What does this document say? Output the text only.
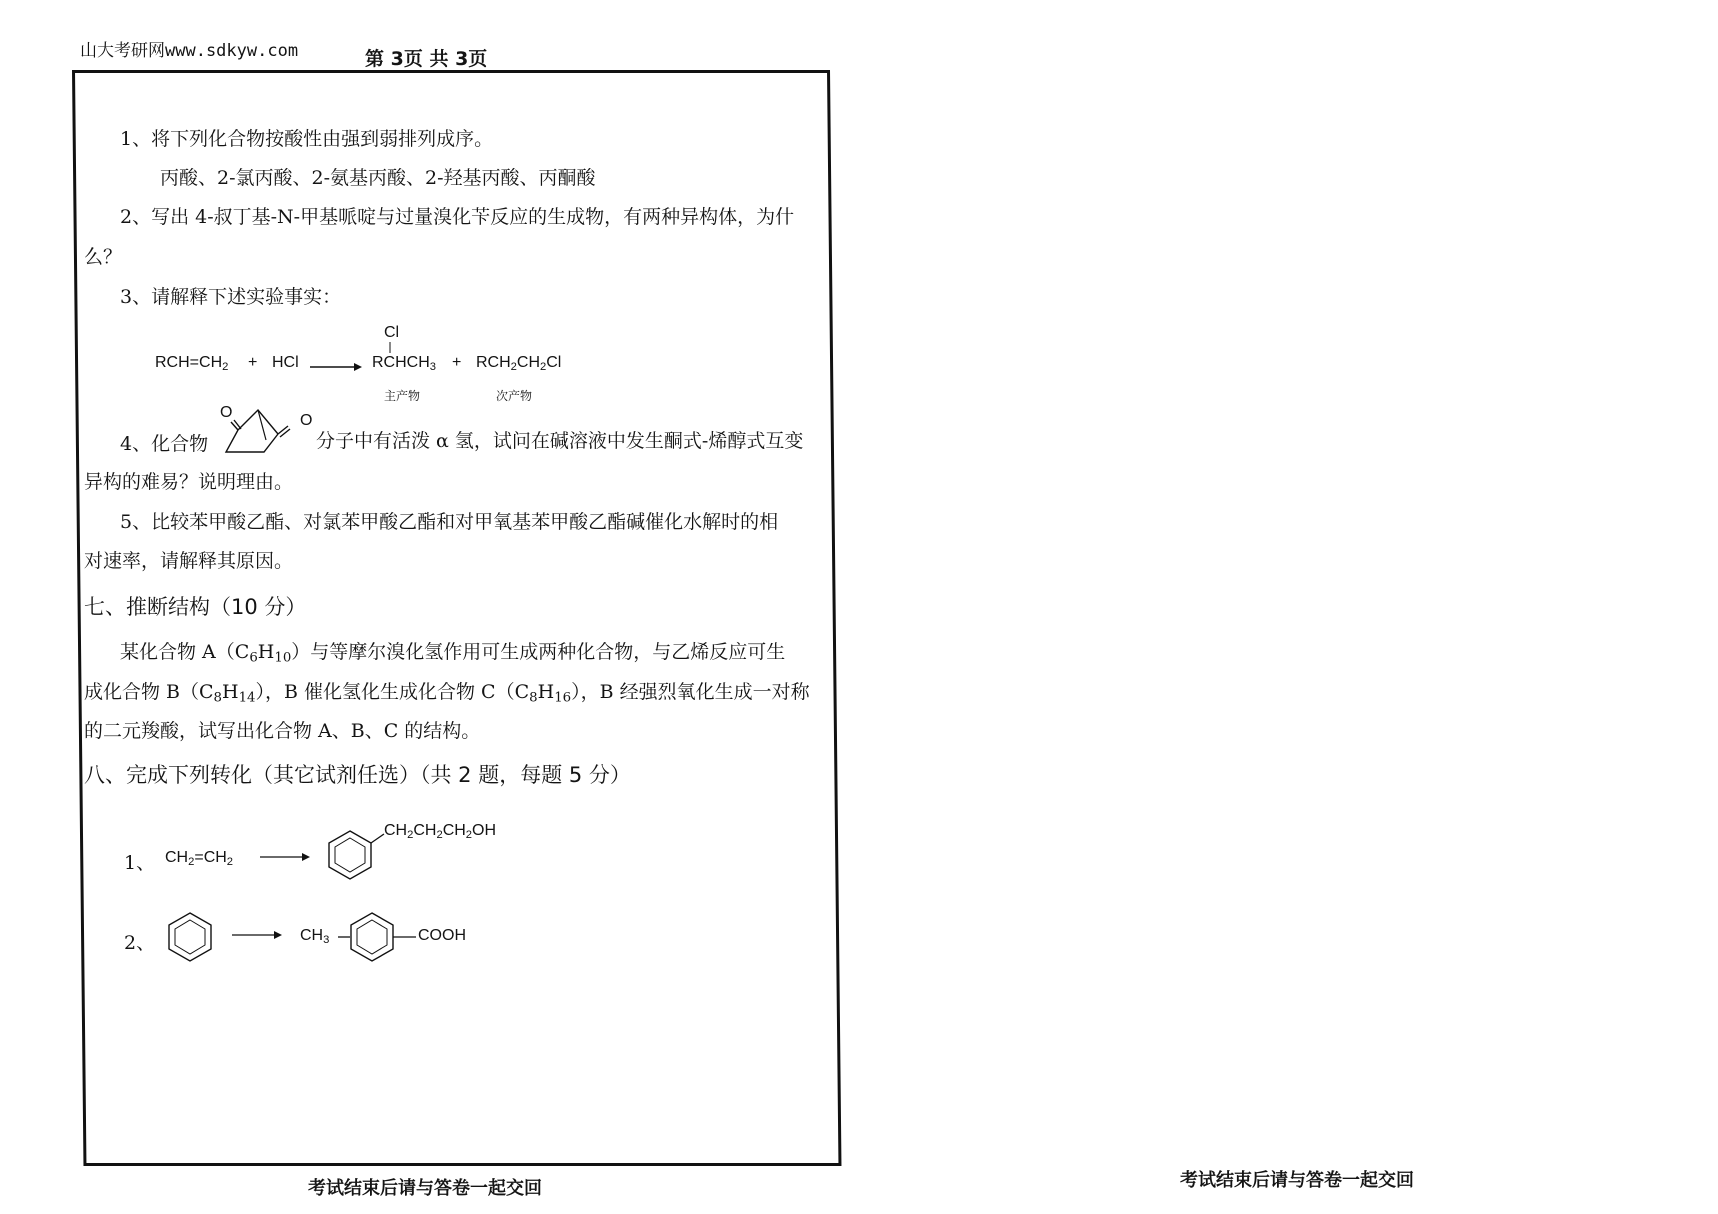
山大考研网www.sdkyw.com	第 3页 共 3页
1、将下列化合物按酸性由强到弱排列成序。
丙酸、2-氯丙酸、2-氨基丙酸、2-羟基丙酸、丙酮酸
2、写出 4-叔丁基-N-甲基哌啶与过量溴化苄反应的生成物，有两种异构体，为什
么？
3、请解释下述实验事实：
$RCH=CH_2$ + HCl →
Cl
$RCHCH_3 + RCH_2CH_2Cl$
主产物	次产物
4、化合物
O	O
分子中有活泼 α 氢，试问在碱溶液中发生酮式-烯醇式互变
异构的难易？说明理由。
5、比较苯甲酸乙酯、对氯苯甲酸乙酯和对甲氧基苯甲酸乙酯碱催化水解时的相
对速率，请解释其原因。
七、推断结构（10 分）
某化合物 $A(C_6H_{10})$与等摩尔溴化氢作用可生成两种化合物，与乙烯反应可生
成化合物 $B(C_8H_{14})$，B 催化氢化生成化合物 $C(C_8H_{16})$，B 经强烈氧化生成一对称
的二元羧酸，试写出化合物 A、B、C 的结构。
八、完成下列转化（其它试剂任选）（共 2 题，每题 5 分）
1、 $CH_2=CH_2$
$CH_2CH_2CH_2OH$
2、	→ $CH_3$	COOH
考试结束后请与答卷一起交回	考试结束后请与答卷一起交回
